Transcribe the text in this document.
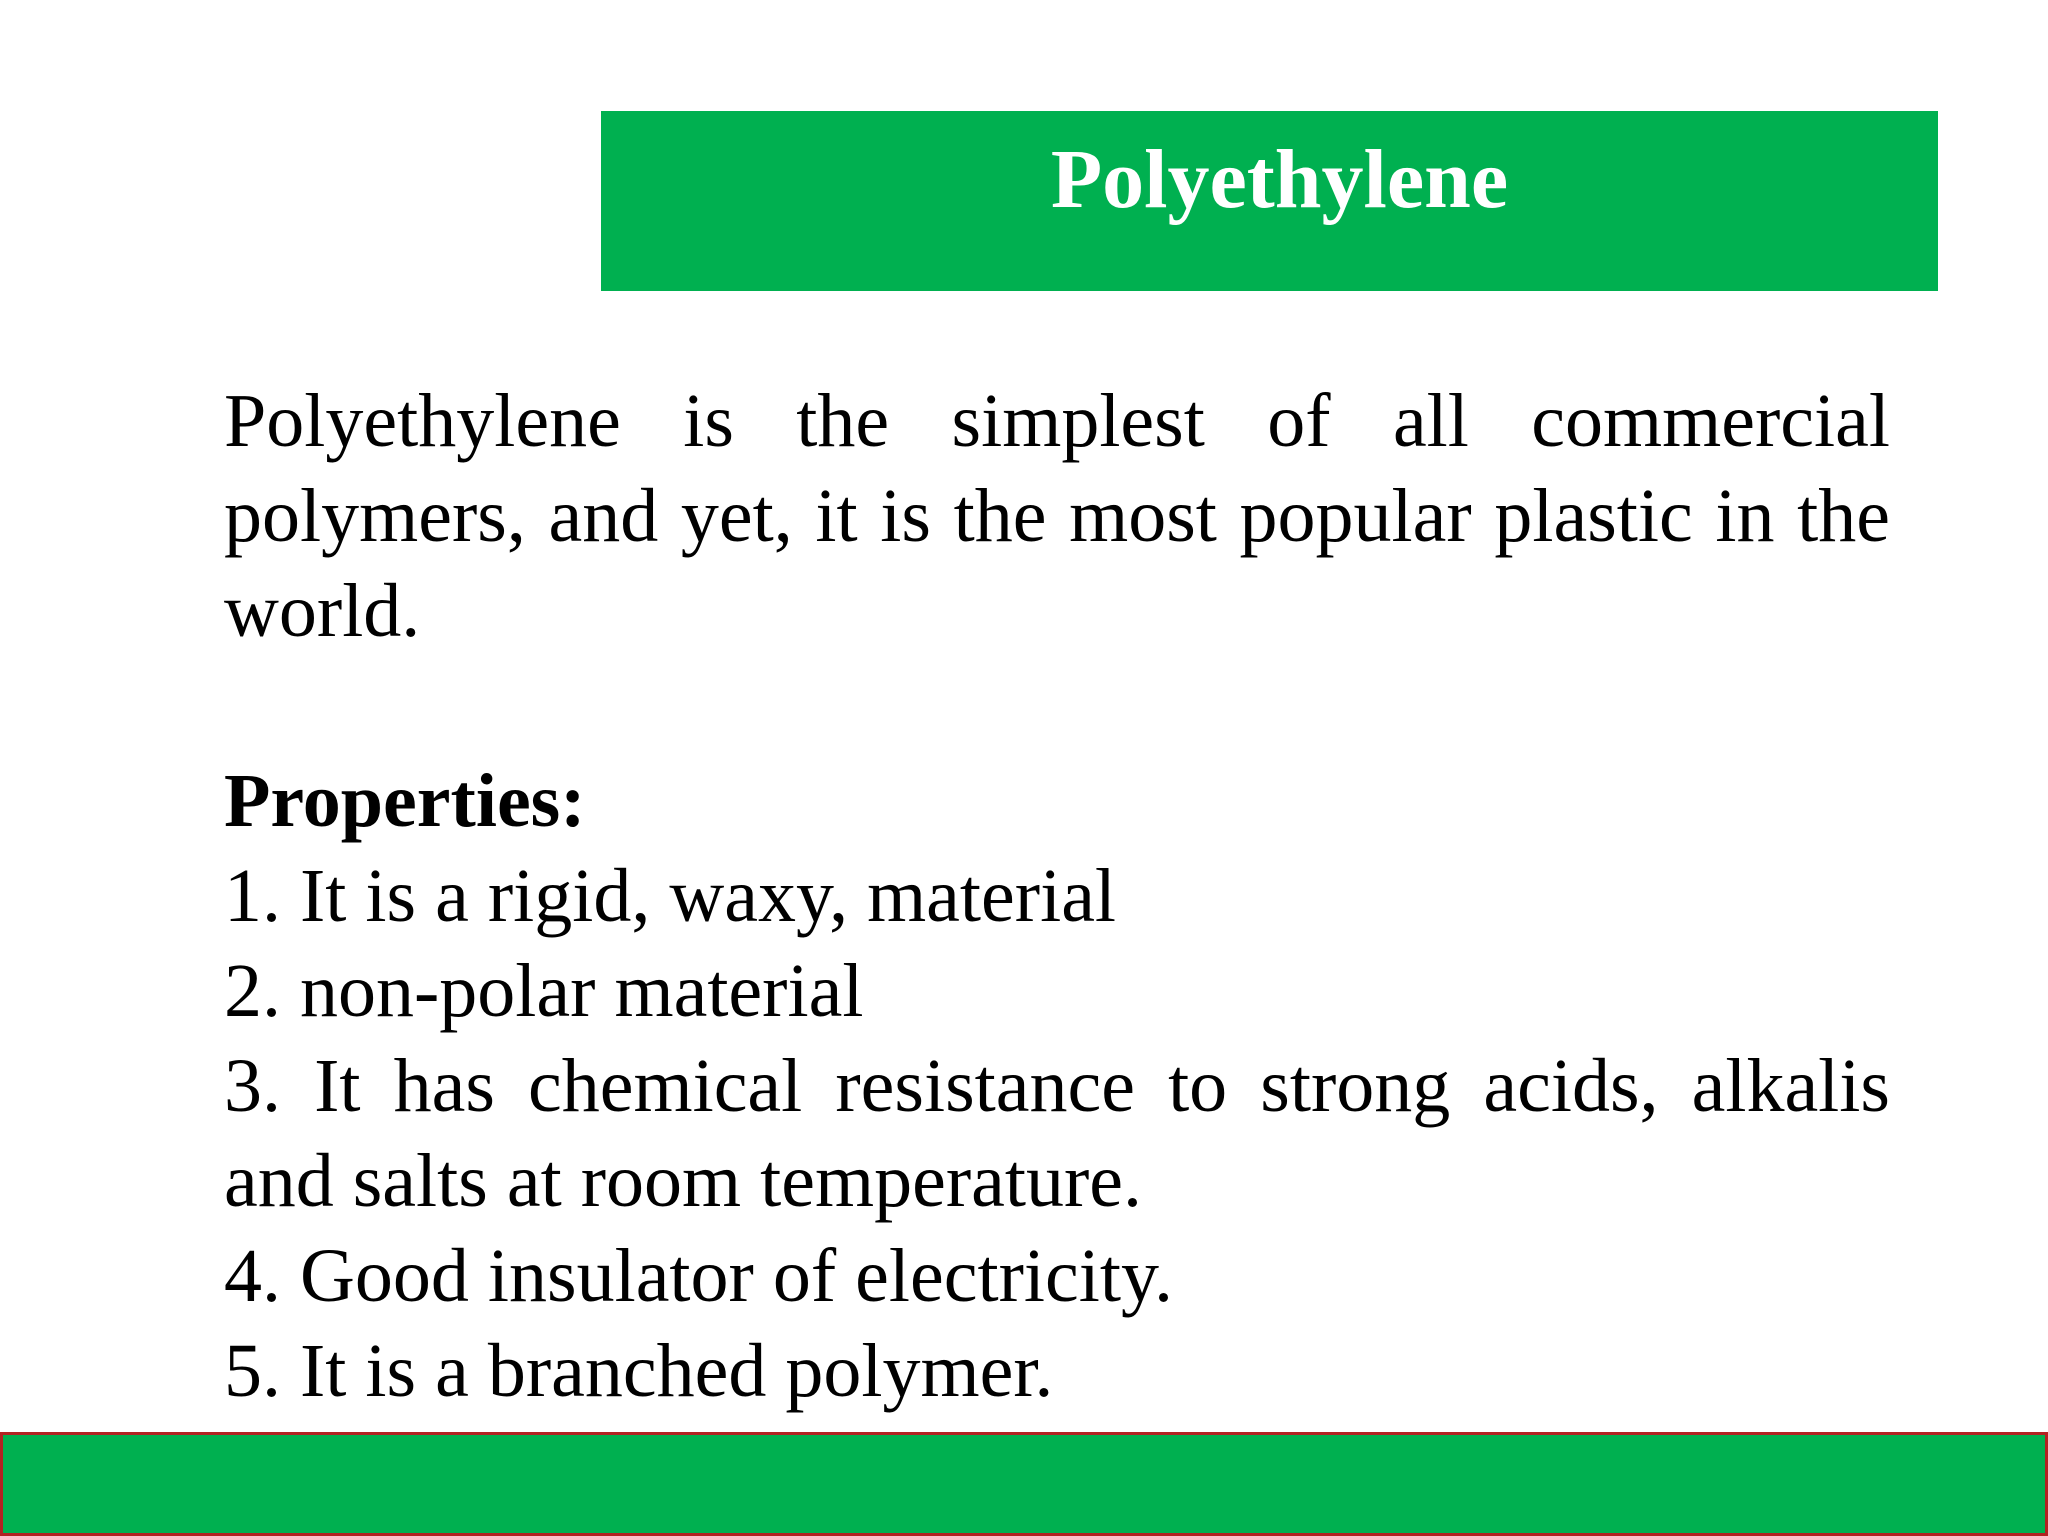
Polyethylene

Polyethylene is the simplest of all commercial polymers, and yet, it is the most popular plastic in the world.

Properties:

1. It is a rigid, waxy, material
2. non-polar material
3. It has chemical resistance to strong acids, alkalis and salts at room temperature.
4. Good insulator of electricity.
5. It is a branched polymer.
